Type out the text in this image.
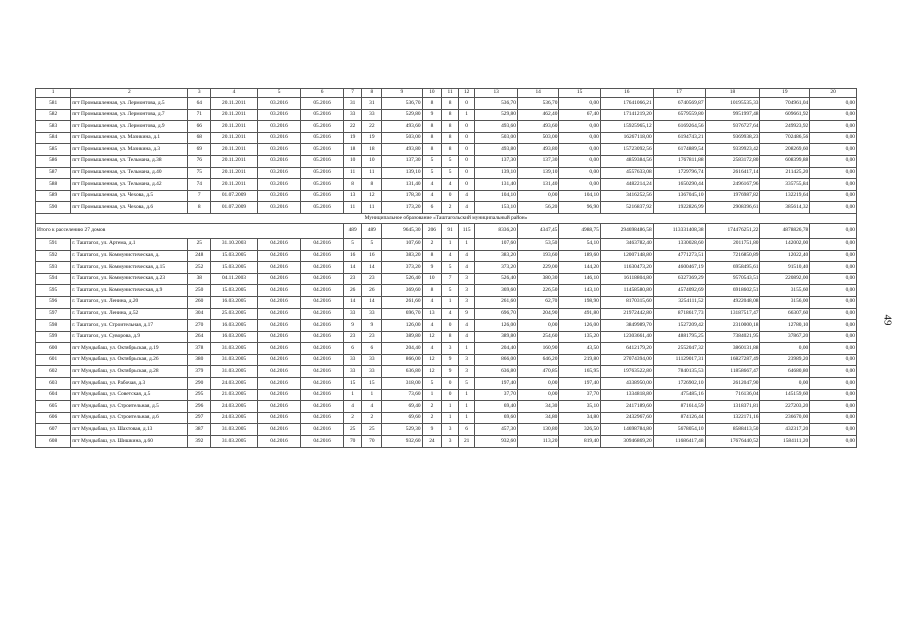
1	2	3	4	5	6	7	8	9	10	11	12	13	14	15	16	17	18	19	20
581	пгт Промышленная, ул. Лермонтова, д.5	64	20.11.2011	03.2016	05.2016	31	31	536,70	8	8	0	536,70	536,70	0,00	17641066,21	6740569,87	10195535,33	704961,04	0,00
582	пгт Промышленная, ул. Лермонтова, д.7	71	20.11.2011	03.2016	05.2016	33	33	529,80	9	8	1	529,80	462,40	67,40	17141219,20	6579559,80	9951997,48	609661,92	0,00
583	пгт Промышленная, ул. Лермонтова, д.9	66	20.11.2011	03.2016	05.2016	22	22	493,60	8	8	0	493,60	493,60	0,00	15925965,12	6169264,56	9376727,64	249923,92	0,00
584	пгт Промышленная, ул. Мазикина, д.1	68	20.11.2011	03.2016	05.2016	19	19	503,00	8	8	0	503,00	503,00	0,00	16267118,00	6194743,21	9369938,23	702486,56	0,00
585	пгт Промышленная, ул. Мазикина, д.3	69	20.11.2011	03.2016	05.2016	18	18	493,80	8	8	0	493,80	493,80	0,00	15723092,56	6174889,54	9339923,42	208269,60	0,00
586	пгт Промышленная, ул. Тельмана, д.38	76	20.11.2011	03.2016	05.2016	10	10	137,30	5	5	0	137,30	137,30	0,00	4859384,56	1767811,88	2583172,80	608399,88	0,00
587	пгт Промышленная, ул. Тельмана, д.40	75	20.11.2011	03.2016	05.2016	11	11	139,10	5	5	0	139,10	139,10	0,00	4557633,08	1729796,74	2616417,14	211425,20	0,00
588	пгт Промышленная, ул. Тельмана, д.42	74	20.11.2011	03.2016	05.2016	8	8	131,40	4	4	0	131,40	131,40	0,00	4482214,24	1650290,44	2496167,96	335755,84	0,00
589	пгт Промышленная, ул. Чехова, д.5	7	01.07.2009	03.2016	05.2016	13	12	178,30	4	0	4	104,10	0,00	104,10	3416252,56	1367045,10	1976987,82	132219,64	0,00
590	пгт Промышленная, ул. Чехова, д.6	8	01.07.2009	03.2016	05.2016	11	11	173,20	6	2	4	153,10	56,20	96,90	5216837,92	1922826,99	2908396,61	385614,32	0,00
Муниципальное образование «Таштагольский муниципальный район»																			
Итого к расселению 27 домов						489	489	9645,30	206	91	115	8336,20	4347,45	4988,75	294698486,58	113331408,38	174476251,22	4878826,78	0,00
591	г. Таштагол, ул. Артема, д.1	25	31.10.2003	04.2016	04.2016	5	5	107,60	2	1	1	107,60	53,50	54,10	3463782,40	1330028,60	2011751,80	142002,00	0,00
592	г. Таштагол, ул. Коммунистическая, д.	248	15.03.2005	04.2016	04.2016	16	16	383,20	8	4	4	383,20	193,60	189,60	12007148,80	4771273,51	7216850,89	12022,40	0,00
593	г. Таштагол, ул. Коммунистическая, д.15	252	15.03.2005	04.2016	04.2016	14	14	373,20	9	5	4	373,20	229,00	144,20	11630473,20	4600467,19	6958495,61	91510,40	0,00
594	г. Таштагол, ул. Коммунистическая, д.23	38	04.11.2003	04.2016	04.2016	23	23	526,40	10	7	3	526,40	380,30	146,10	16118804,80	6327369,29	9570543,51	220892,00	0,00
595	г. Таштагол, ул. Коммунистическая, д.9	250	15.03.2005	04.2016	04.2016	26	26	369,60	8	5	3	369,60	226,50	143,10	11458580,80	4574092,69	6918602,51	3155,60	0,00
596	г. Таштагол, ул. Ленина, д.20	260	16.03.2005	04.2016	04.2016	14	14	261,60	4	1	3	261,60	62,70	198,90	8170315,60	3254111,52	4922048,08	3156,00	0,00
597	г. Таштагол, ул. Ленина, д.52	304	25.03.2005	04.2016	04.2016	33	33	696,70	13	4	9	696,70	204,90	491,80	21972442,80	8718617,73	13187517,47	66307,60	0,00
598	г. Таштагол, ул. Строительная, д.17	270	16.03.2005	04.2016	04.2016	9	9	126,00	4	0	4	126,00	0,00	126,00	3849989,70	1527209,42	2310000,18	12780,10	0,00
599	г. Таштагол, ул. Суворова, д.9	264	16.03.2005	04.2016	04.2016	23	23	389,80	12	8	4	389,80	254,60	135,20	12303661,40	4881795,25	7384021,95	37867,20	0,00
600	пгт Мундыбаш, ул. Октябрьская, д.19	378	31.03.2005	04.2016	04.2016	6	6	204,40	4	3	1	204,40	160,90	43,50	6412179,20	2552047,32	3860131,88	0,00	0,00
601	пгт Мундыбаш, ул. Октябрьская, д.26	380	31.03.2005	04.2016	04.2016	33	33	866,00	12	9	3	866,00	646,20	219,80	27074394,00	11129017,31	16827287,49	23989,20	0,00
602	пгт Мундыбаш, ул. Октябрьская, д.28	379	31.03.2005	04.2016	04.2016	33	33	636,80	12	9	3	636,80	470,85	165,95	19763522,80	7840135,53	11858667,47	64680,80	0,00
603	пгт Мундыбаш, ул. Рабочая, д.3	290	24.03.2005	04.2016	04.2016	15	15	318,00	5	0	5	197,40	0,00	197,40	4338950,00	1726902,10	2612047,90	0,00	0,00
604	пгт Мундыбаш, ул. Советская, д.5	295	21.03.2005	04.2016	04.2016	1	1	73,60	1	0	1	37,70	0,00	37,70	1334818,80	475485,16	716136,04	145159,60	0,00
605	пгт Мундыбаш, ул. Строительная, д.5	296	24.03.2005	04.2016	04.2016	4	4	69,40	2	1	1	69,40	34,30	35,10	2417189,60	871614,59	1318371,81	227203,20	0,00
606	пгт Мундыбаш, ул. Строительная, д.6	297	24.03.2005	04.2016	04.2016	2	2	69,60	2	1	1	69,60	34,80	34,80	2432967,60	874126,44	1322171,16	236670,00	0,00
607	пгт Мундыбаш, ул. Шахтовая, д.13	387	31.03.2005	04.2016	04.2016	25	25	529,30	9	3	6	457,30	130,80	326,50	14698784,80	5678054,10	8588413,50	432317,20	0,00
608	пгт Мундыбаш, ул. Шишкина, д.60	392	31.03.2005	04.2016	04.2016	70	70	932,60	24	3	21	932,60	113,20	819,40	30946869,20	11686417,48	17676440,52	1584111,20	0,00
49
